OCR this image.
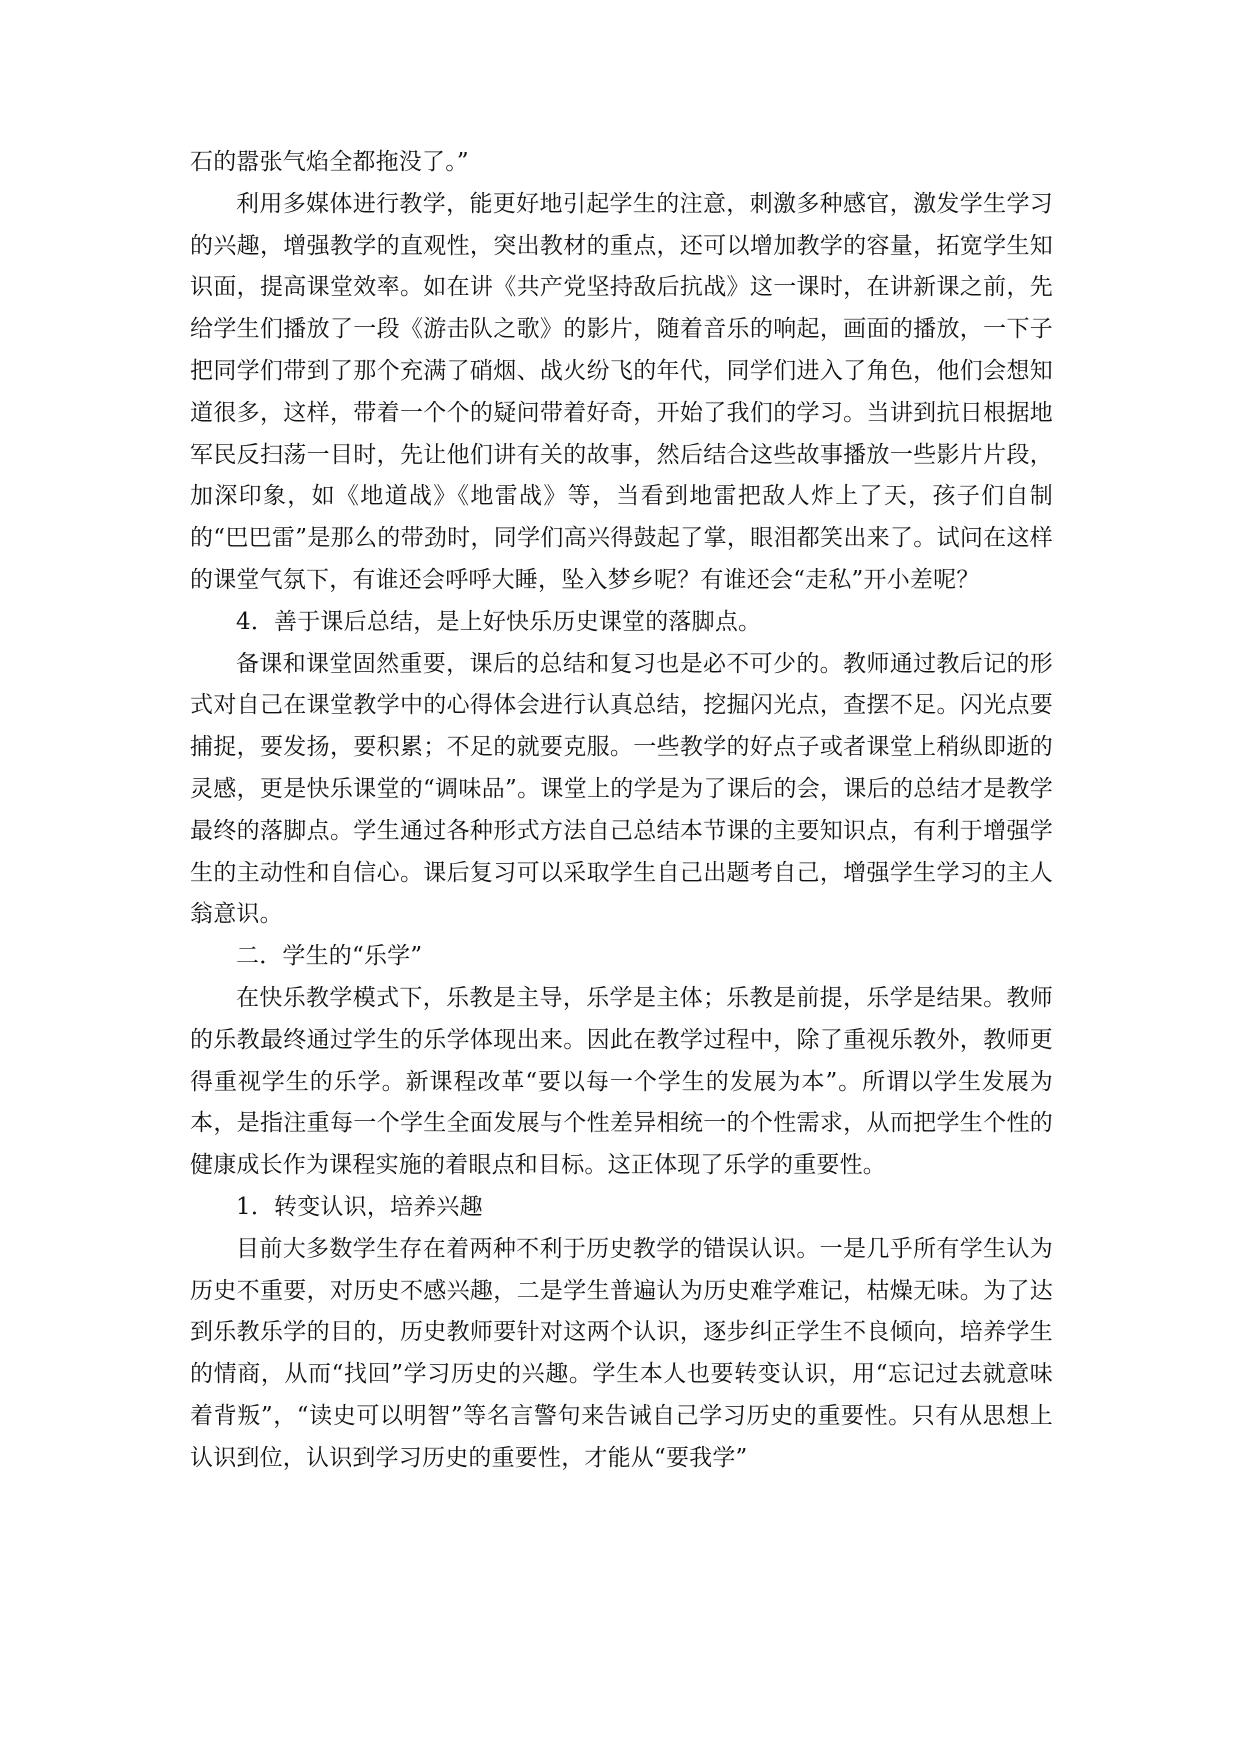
石的嚣张气焰全都拖没了。”

利用多媒体进行教学，能更好地引起学生的注意，刺激多种感官，激发学生学习的兴趣，增强教学的直观性，突出教材的重点，还可以增加教学的容量，拓宽学生知识面，提高课堂效率。如在讲《共产党坚持敌后抗战》这一课时，在讲新课之前，先给学生们播放了一段《游击队之歌》的影片，随着音乐的响起，画面的播放，一下子把同学们带到了那个充满了硝烟、战火纷飞的年代，同学们进入了角色，他们会想知道很多，这样，带着一个个的疑问带着好奇，开始了我们的学习。当讲到抗日根据地军民反扫荡一目时，先让他们讲有关的故事，然后结合这些故事播放一些影片片段，加深印象，如《地道战》《地雷战》等，当看到地雷把敌人炸上了天，孩子们自制的“巴巴雷”是那么的带劲时，同学们高兴得鼓起了掌，眼泪都笑出来了。试问在这样的课堂气氛下，有谁还会呼呼大睡，坠入梦乡呢？有谁还会“走私”开小差呢？

4．善于课后总结，是上好快乐历史课堂的落脚点。

备课和课堂固然重要，课后的总结和复习也是必不可少的。教师通过教后记的形式对自己在课堂教学中的心得体会进行认真总结，挖掘闪光点，查摆不足。闪光点要捕捉，要发扬，要积累；不足的就要克服。一些教学的好点子或者课堂上稍纵即逝的灵感，更是快乐课堂的“调味品”。课堂上的学是为了课后的会，课后的总结才是教学最终的落脚点。学生通过各种形式方法自己总结本节课的主要知识点，有利于增强学生的主动性和自信心。课后复习可以采取学生自己出题考自己，增强学生学习的主人翁意识。

二．学生的“乐学”

在快乐教学模式下，乐教是主导，乐学是主体；乐教是前提，乐学是结果。教师的乐教最终通过学生的乐学体现出来。因此在教学过程中，除了重视乐教外，教师更得重视学生的乐学。新课程改革“要以每一个学生的发展为本”。所谓以学生发展为本，是指注重每一个学生全面发展与个性差异相统一的个性需求，从而把学生个性的健康成长作为课程实施的着眼点和目标。这正体现了乐学的重要性。

1．转变认识，培养兴趣

目前大多数学生存在着两种不利于历史教学的错误认识。一是几乎所有学生认为历史不重要，对历史不感兴趣，二是学生普遍认为历史难学难记，枯燥无味。为了达到乐教乐学的目的，历史教师要针对这两个认识，逐步纠正学生不良倾向，培养学生的情商，从而“找回”学习历史的兴趣。学生本人也要转变认识，用“忘记过去就意味着背叛”，“读史可以明智”等名言警句来告诫自己学习历史的重要性。只有从思想上认识到位，认识到学习历史的重要性，才能从“要我学”
